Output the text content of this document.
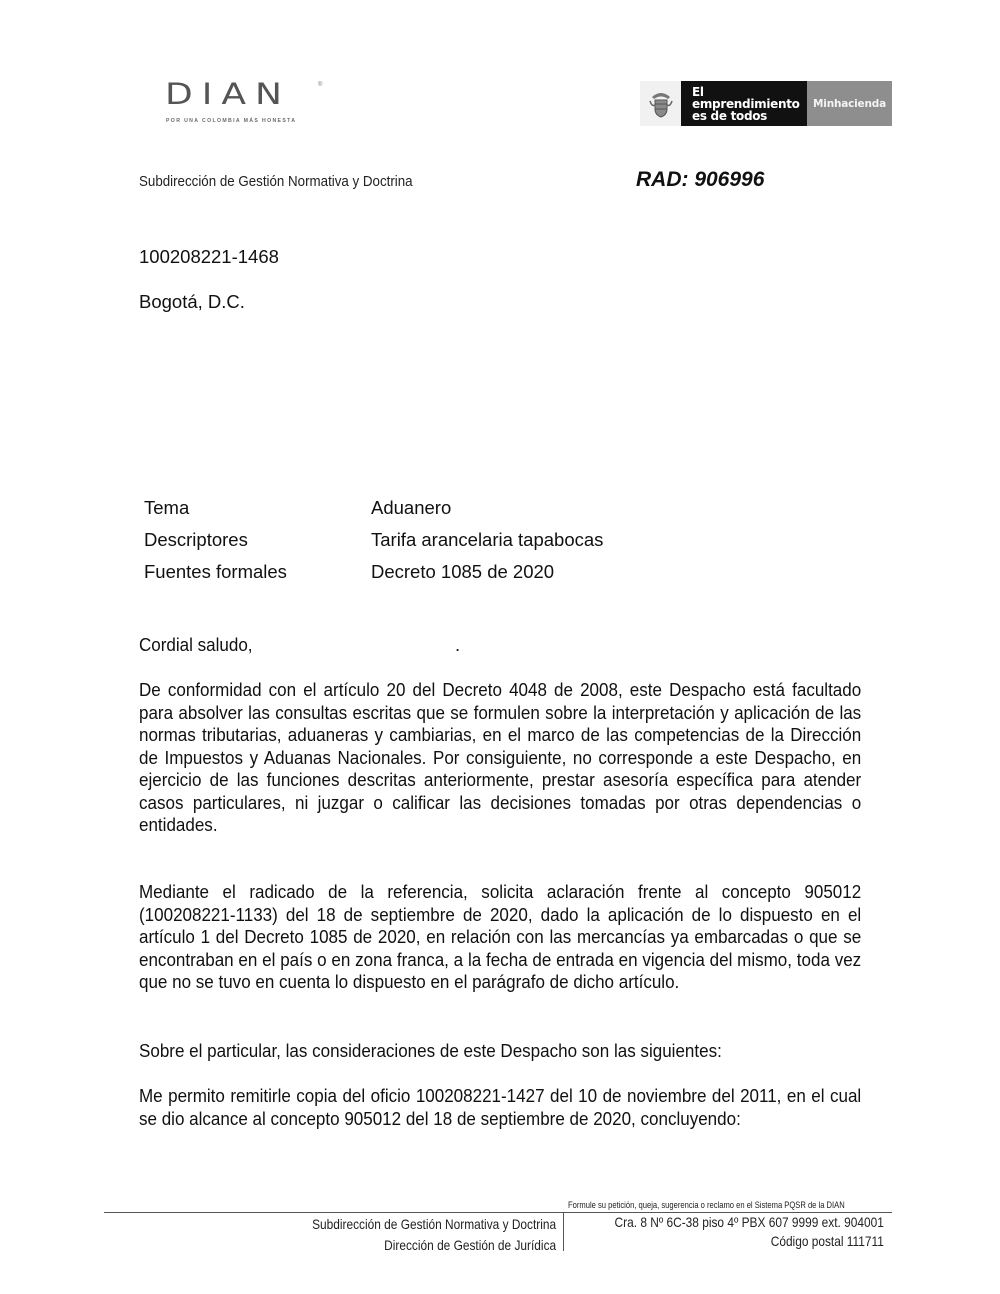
DIAN	®
POR UNA COLOMBIA MÁS HONESTA
El emprendimiento
es de todos
Minhacienda
Subdirección de Gestión Normativa y Doctrina	RAD: 906996
100208221-1468
Bogotá, D.C.
Tema	Aduanero
Descriptores	Tarifa arancelaria tapabocas
Fuentes formales	Decreto 1085 de 2020
Cordial saludo,	.
De conformidad con el artículo 20 del Decreto 4048 de 2008, este Despacho está facultado para absolver las consultas escritas que se formulen sobre la interpretación y aplicación de las normas tributarias, aduaneras y cambiarias, en el marco de las competencias de la Dirección de Impuestos y Aduanas Nacionales. Por consiguiente, no corresponde a este Despacho, en ejercicio de las funciones descritas anteriormente, prestar asesoría específica para atender casos particulares, ni juzgar o calificar las decisiones tomadas por otras dependencias o entidades.
Mediante el radicado de la referencia, solicita aclaración frente al concepto 905012 (100208221-1133) del 18 de septiembre de 2020, dado la aplicación de lo dispuesto en el artículo 1 del Decreto 1085 de 2020, en relación con las mercancías ya embarcadas o que se encontraban en el país o en zona franca, a la fecha de entrada en vigencia del mismo, toda vez que no se tuvo en cuenta lo dispuesto en el parágrafo de dicho artículo.
Sobre el particular, las consideraciones de este Despacho son las siguientes:
Me permito remitirle copia del oficio 100208221-1427 del 10 de noviembre del 2011, en el cual se dio alcance al concepto 905012 del 18 de septiembre de 2020, concluyendo:
Formule su petición, queja, sugerencia o reclamo en el Sistema PQSR de la DIAN
Subdirección de Gestión Normativa y Doctrina
Dirección de Gestión de Jurídica
Cra. 8 Nº 6C-38 piso 4º PBX 607 9999 ext. 904001
Código postal 111711
